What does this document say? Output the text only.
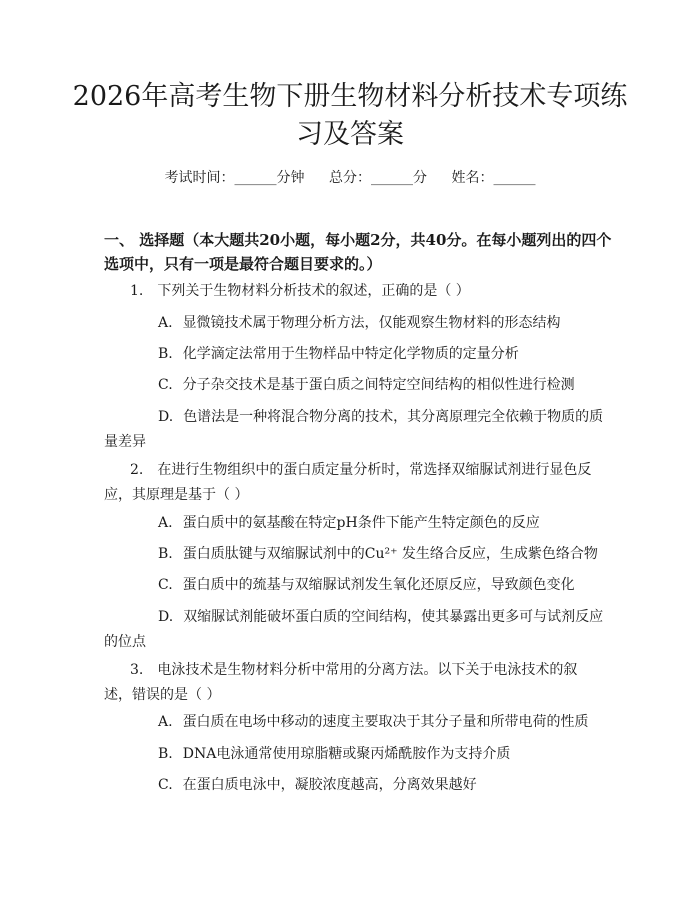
2026年高考生物下册生物材料分析技术专项练习及答案
考试时间：______分钟 总分：______分 姓名：______
一、 选择题（本大题共20小题，每小题2分，共40分。在每小题列出的四个选项中，只有一项是最符合题目要求的。）
1. 下列关于生物材料分析技术的叙述，正确的是（ ）
A. 显微镜技术属于物理分析方法，仅能观察生物材料的形态结构
B. 化学滴定法常用于生物样品中特定化学物质的定量分析
C. 分子杂交技术是基于蛋白质之间特定空间结构的相似性进行检测
D. 色谱法是一种将混合物分离的技术，其分离原理完全依赖于物质的质量差异
2. 在进行生物组织中的蛋白质定量分析时，常选择双缩脲试剂进行显色反应，其原理是基于（ ）
A. 蛋白质中的氨基酸在特定pH条件下能产生特定颜色的反应
B. 蛋白质肽键与双缩脲试剂中的Cu²⁺ 发生络合反应，生成紫色络合物
C. 蛋白质中的巯基与双缩脲试剂发生氧化还原反应，导致颜色变化
D. 双缩脲试剂能破坏蛋白质的空间结构，使其暴露出更多可与试剂反应的位点
3. 电泳技术是生物材料分析中常用的分离方法。以下关于电泳技术的叙述，错误的是（ ）
A. 蛋白质在电场中移动的速度主要取决于其分子量和所带电荷的性质
B. DNA电泳通常使用琼脂糖或聚丙烯酰胺作为支持介质
C. 在蛋白质电泳中，凝胶浓度越高，分离效果越好
